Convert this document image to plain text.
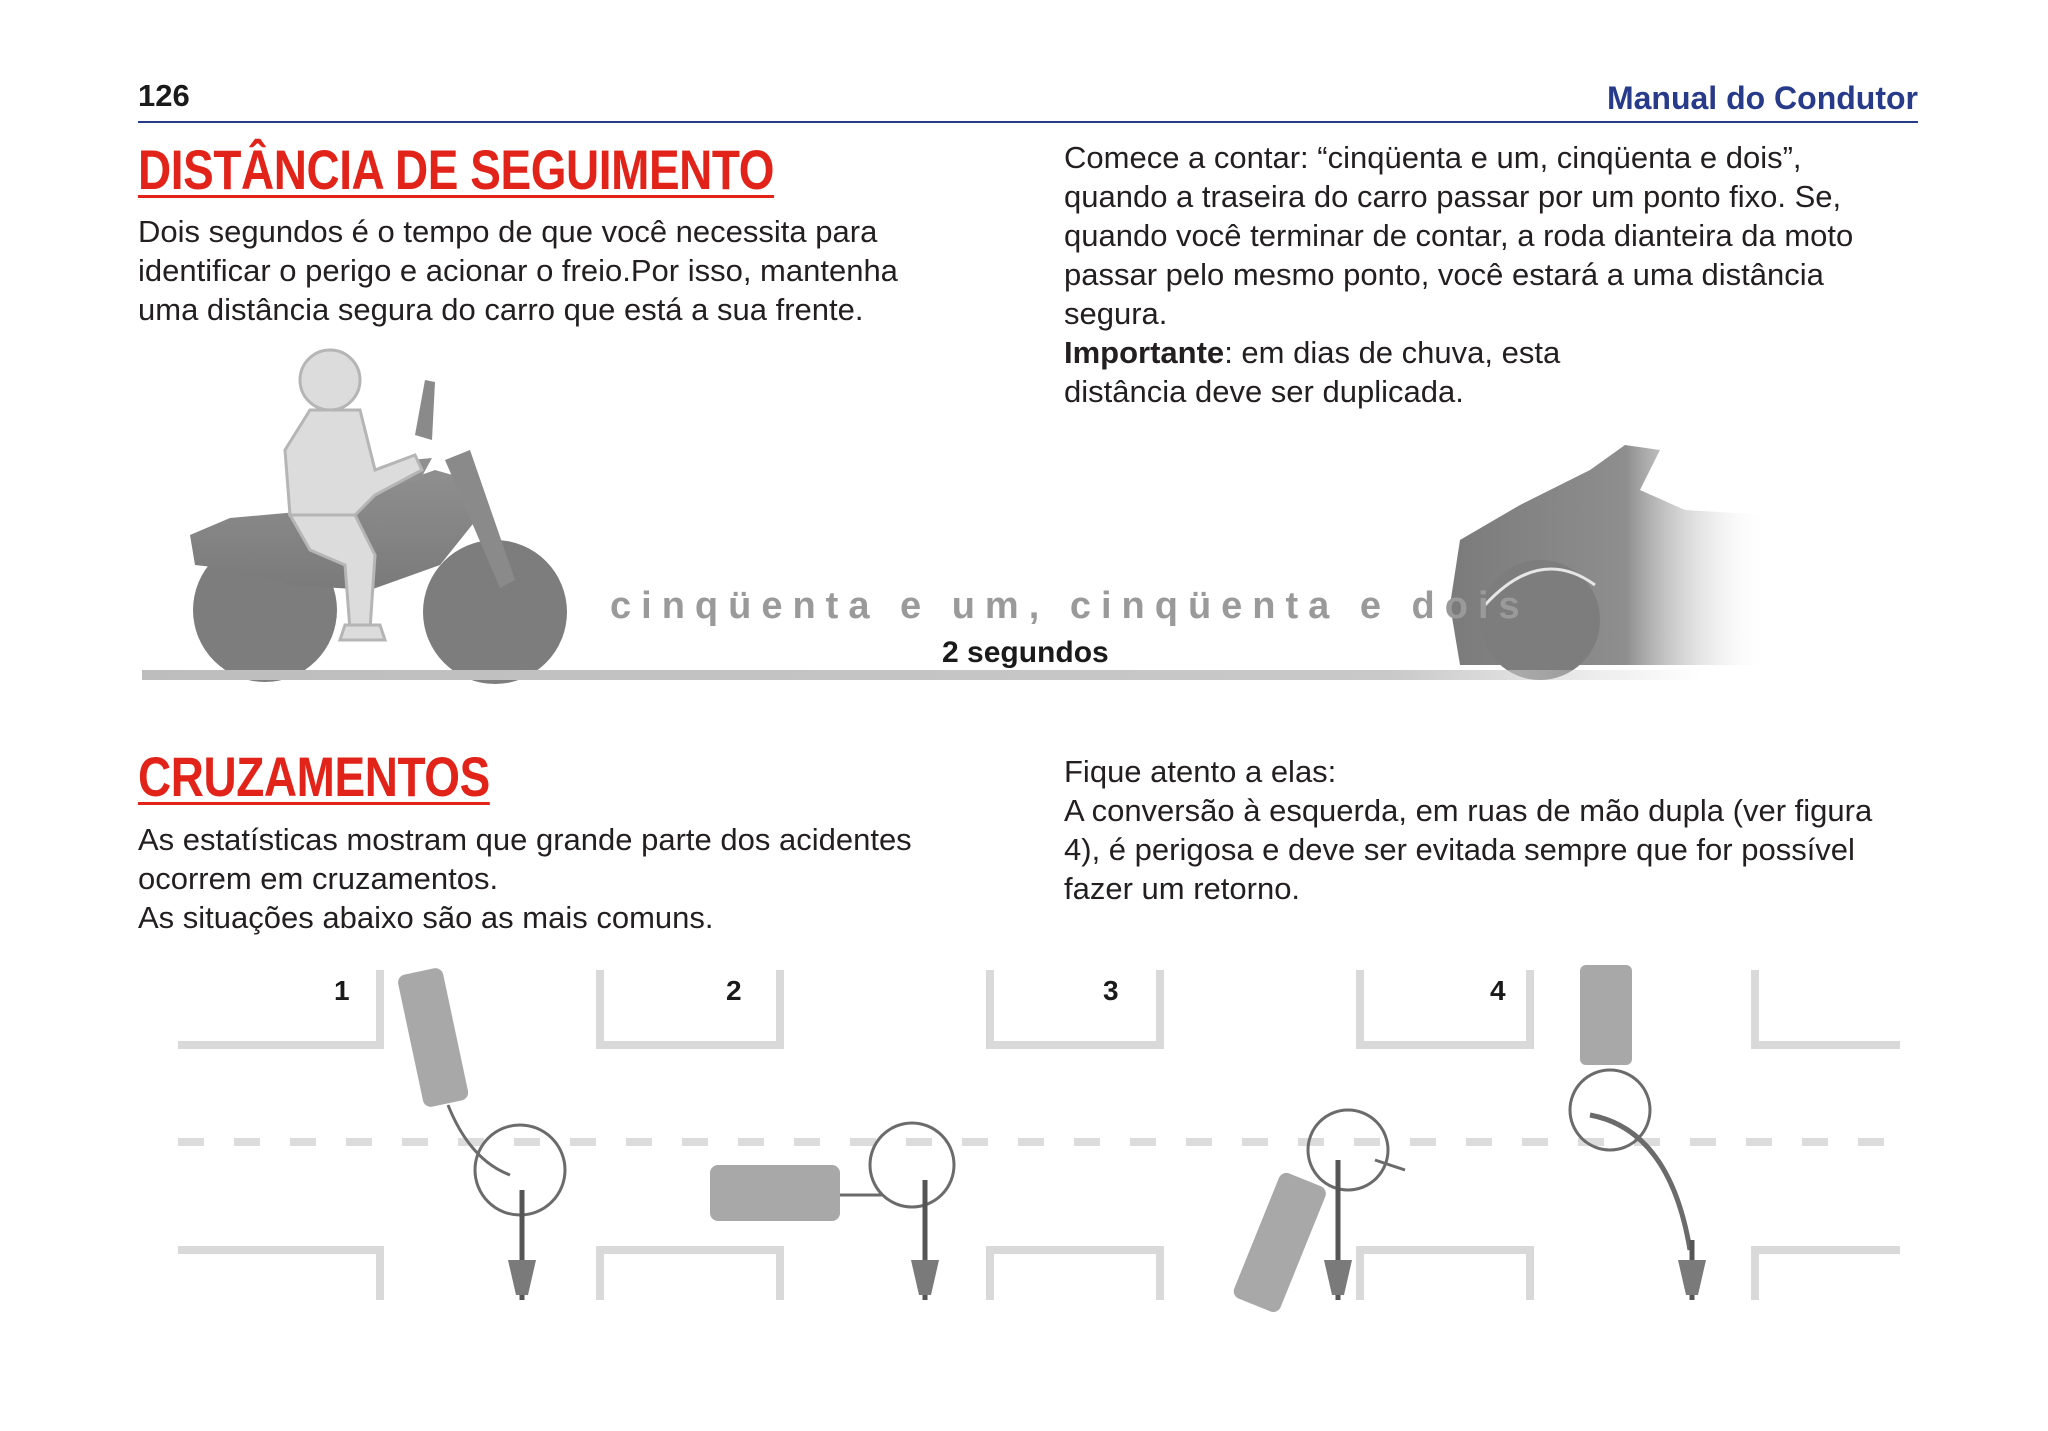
126	Manual do Condutor
DISTÂNCIA DE SEGUIMENTO

Dois segundos é o tempo de que você necessita para

identificar o perigo e acionar o freio.Por isso, mantenha

uma distância segura do carro que está a sua frente.

Comece a contar: “cinqüenta e um, cinqüenta e dois”,

quando a traseira do carro passar por um ponto fixo. Se,

quando você terminar de contar, a roda dianteira da moto

passar pelo mesmo ponto, você estará a uma distância

segura.

Importante: em dias de chuva, esta

distância deve ser duplicada.

cinqüenta e um, cinqüenta e dois
2 segundos
CRUZAMENTOS

As estatísticas mostram que grande parte dos acidentes

ocorrem em cruzamentos.

As situações abaixo são as mais comuns.

Fique atento a elas:

A conversão à esquerda, em ruas de mão dupla (ver figura

4), é perigosa e deve ser evitada sempre que for possível

fazer um retorno.

1	2	3	4
